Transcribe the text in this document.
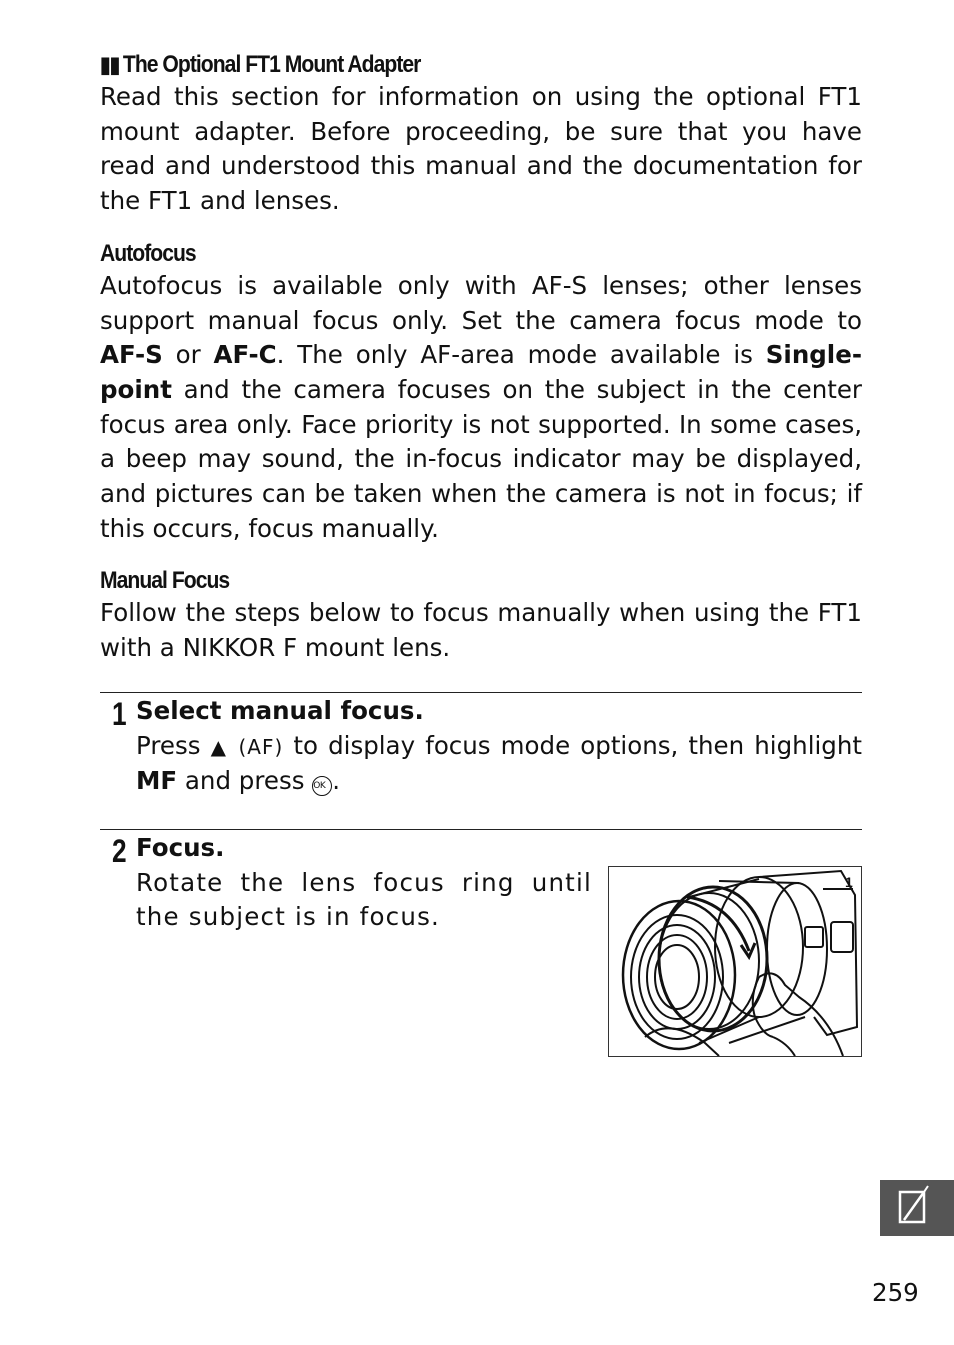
▮▮ The Optional FT1 Mount Adapter

Read this section for information on using the optional FT1 mount adapter. Before proceeding, be sure that you have read and understood this manual and the documentation for the FT1 and lenses.

Autofocus

Autofocus is available only with AF-S lenses; other lenses support manual focus only. Set the camera focus mode to AF-S or AF-C. The only AF-area mode available is Single-point and the camera focuses on the subject in the center focus area only. Face priority is not supported. In some cases, a beep may sound, the in-focus indicator may be displayed, and pictures can be taken when the camera is not in focus; if this occurs, focus manually.

Manual Focus

Follow the steps below to focus manually when using the FT1 with a NIKKOR F mount lens.

1 Select manual focus.

Press ▲ (AF) to display focus mode options, then highlight MF and press OK .

2 Focus.

Rotate the lens focus ring until the subject is in focus.

1
259
